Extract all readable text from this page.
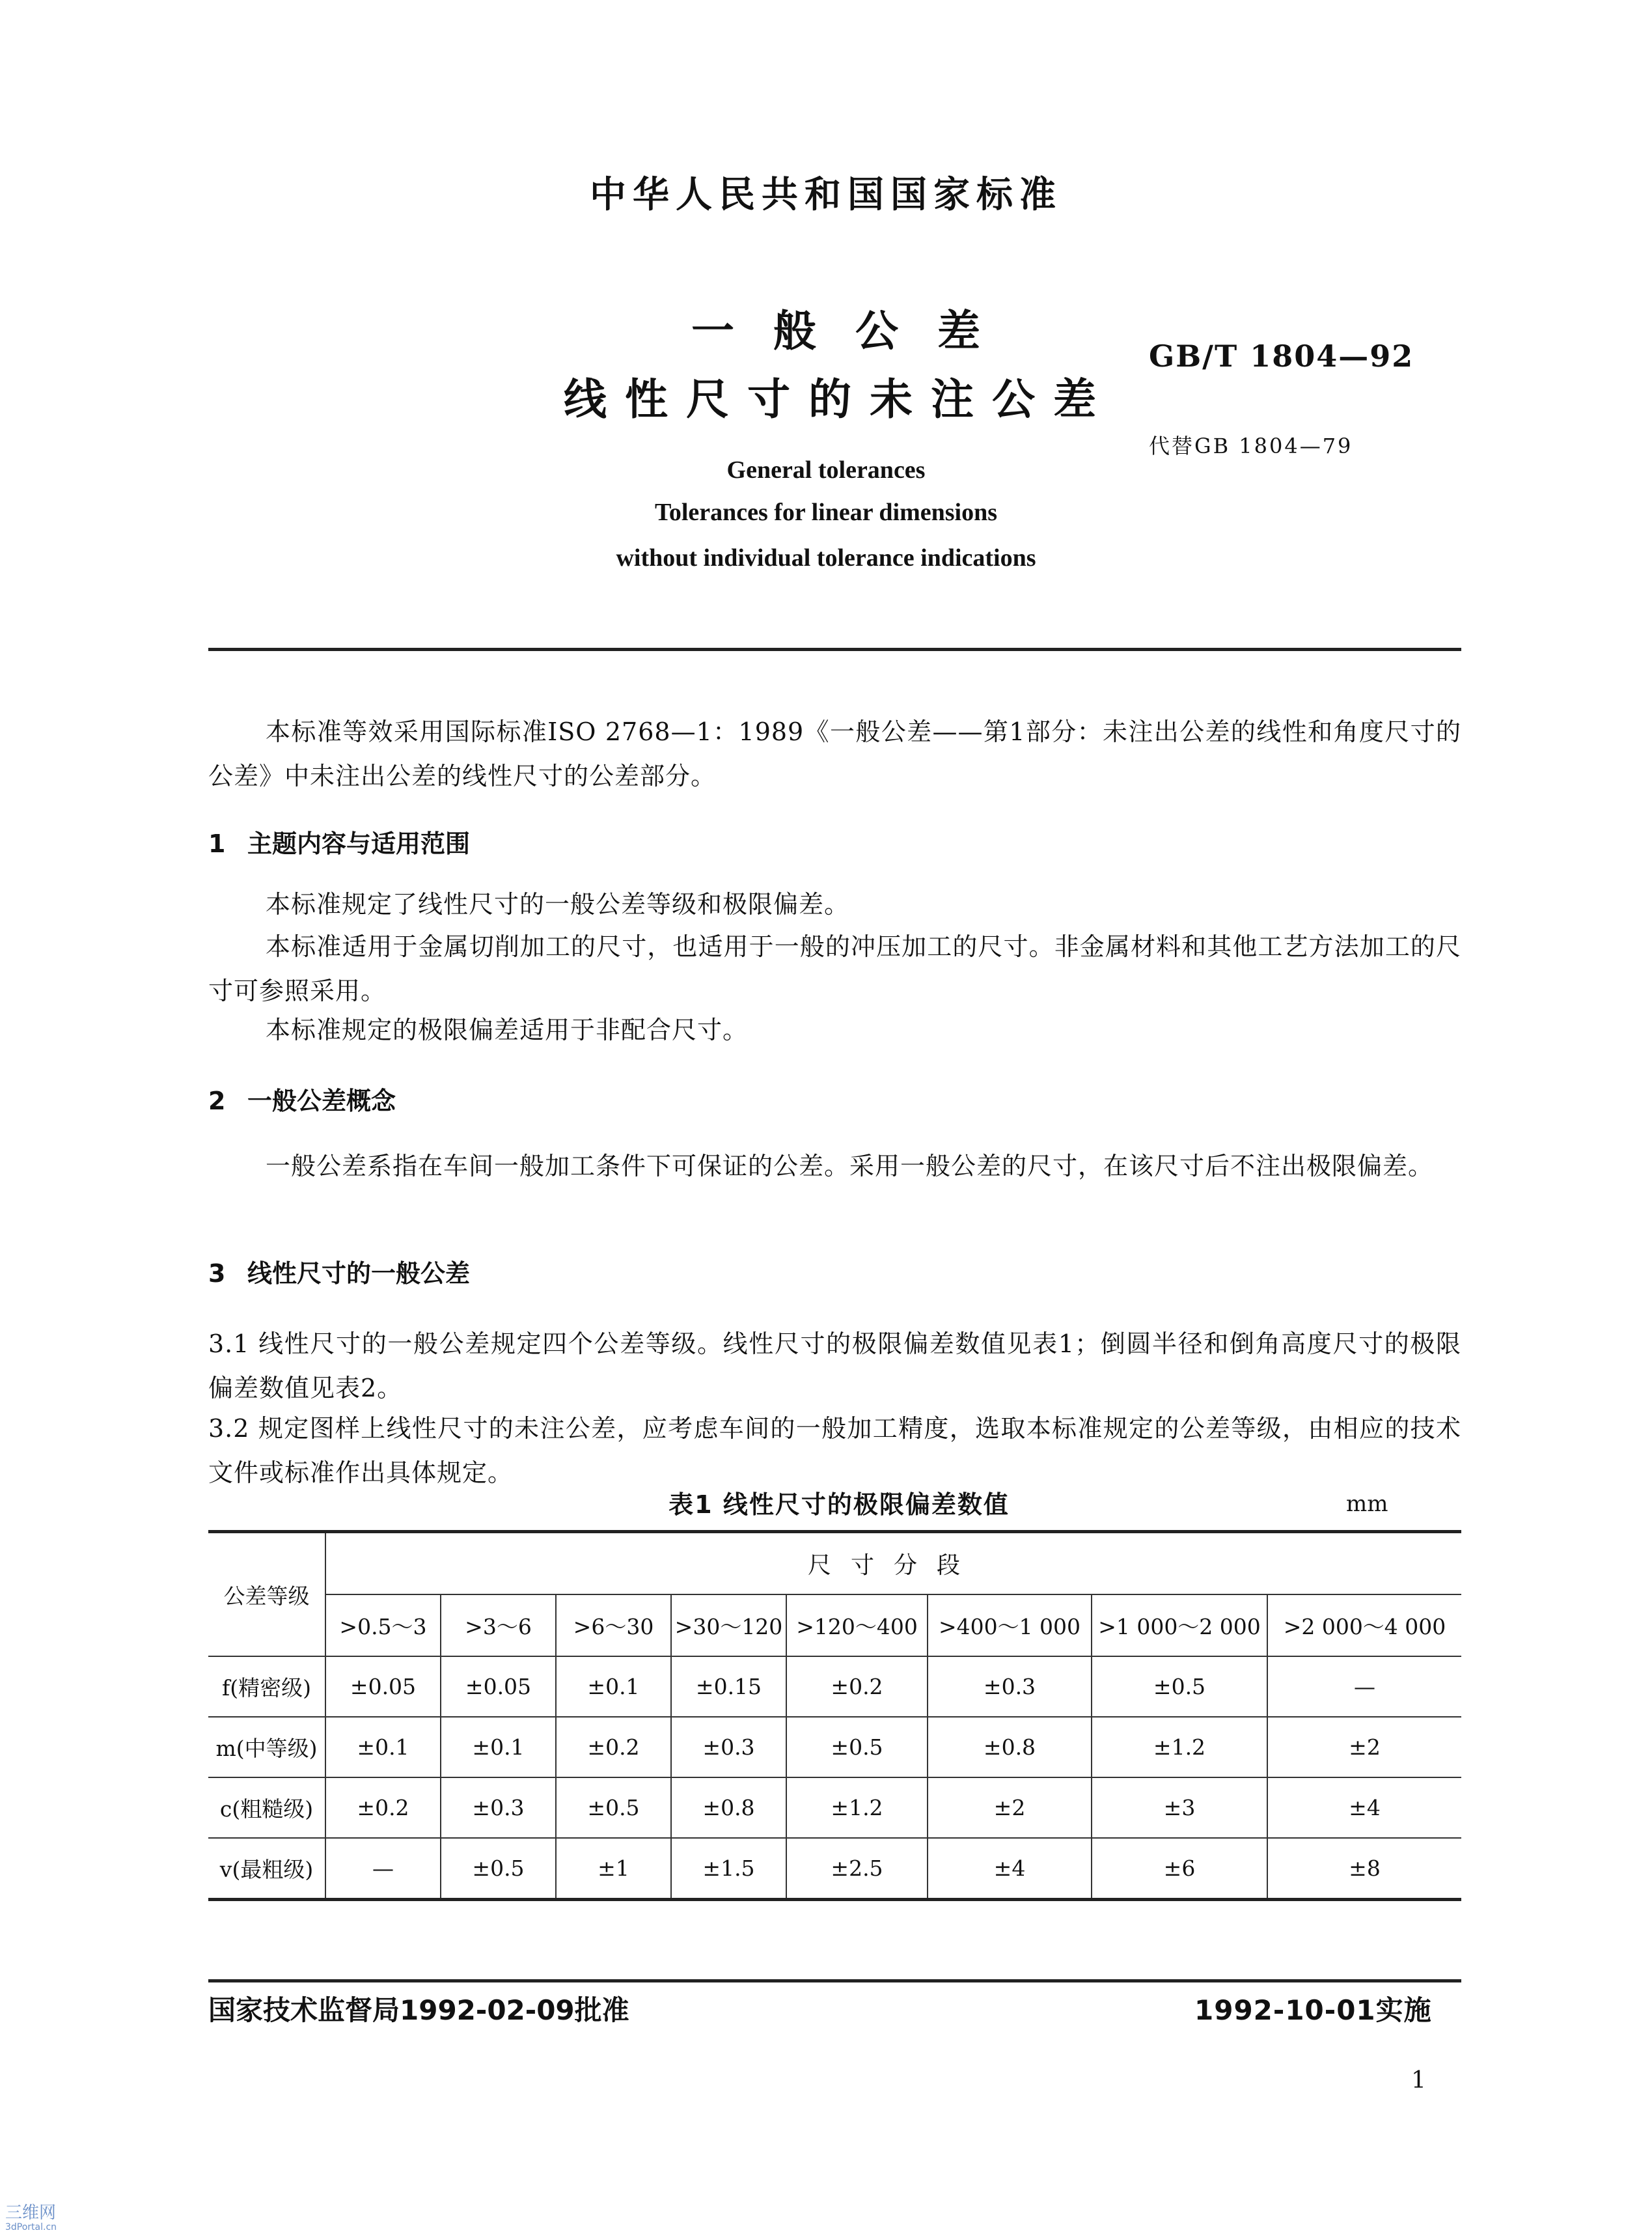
中华人民共和国国家标准
一般公差
线性尺寸的未注公差
GB/T 1804—92
代替GB 1804—79
General tolerances
Tolerances for linear dimensions
without individual tolerance indications
本标准等效采用国际标准ISO 2768—1：1989《一般公差——第1部分：未注出公差的线性和角度尺寸的公差》中未注出公差的线性尺寸的公差部分。
1 主题内容与适用范围
本标准规定了线性尺寸的一般公差等级和极限偏差。
本标准适用于金属切削加工的尺寸，也适用于一般的冲压加工的尺寸。非金属材料和其他工艺方法加工的尺寸可参照采用。
本标准规定的极限偏差适用于非配合尺寸。
2 一般公差概念
一般公差系指在车间一般加工条件下可保证的公差。采用一般公差的尺寸，在该尺寸后不注出极限偏差。
3 线性尺寸的一般公差
3.1 线性尺寸的一般公差规定四个公差等级。线性尺寸的极限偏差数值见表1；倒圆半径和倒角高度尺寸的极限偏差数值见表2。
3.2 规定图样上线性尺寸的未注公差，应考虑车间的一般加工精度，选取本标准规定的公差等级，由相应的技术文件或标准作出具体规定。
表1 线性尺寸的极限偏差数值	mm
公差等级	尺寸分段							
	>0.5～3	>3～6	>6～30	>30～120	>120～400	>400～1 000	>1 000～2 000	>2 000～4 000
f(精密级)	±0.05	±0.05	±0.1	±0.15	±0.2	±0.3	±0.5	—
m(中等级)	±0.1	±0.1	±0.2	±0.3	±0.5	±0.8	±1.2	±2
c(粗糙级)	±0.2	±0.3	±0.5	±0.8	±1.2	±2	±3	±4
v(最粗级)	—	±0.5	±1	±1.5	±2.5	±4	±6	±8
国家技术监督局1992-02-09批准	1992-10-01实施
1
三维网
3dPortal.cn
